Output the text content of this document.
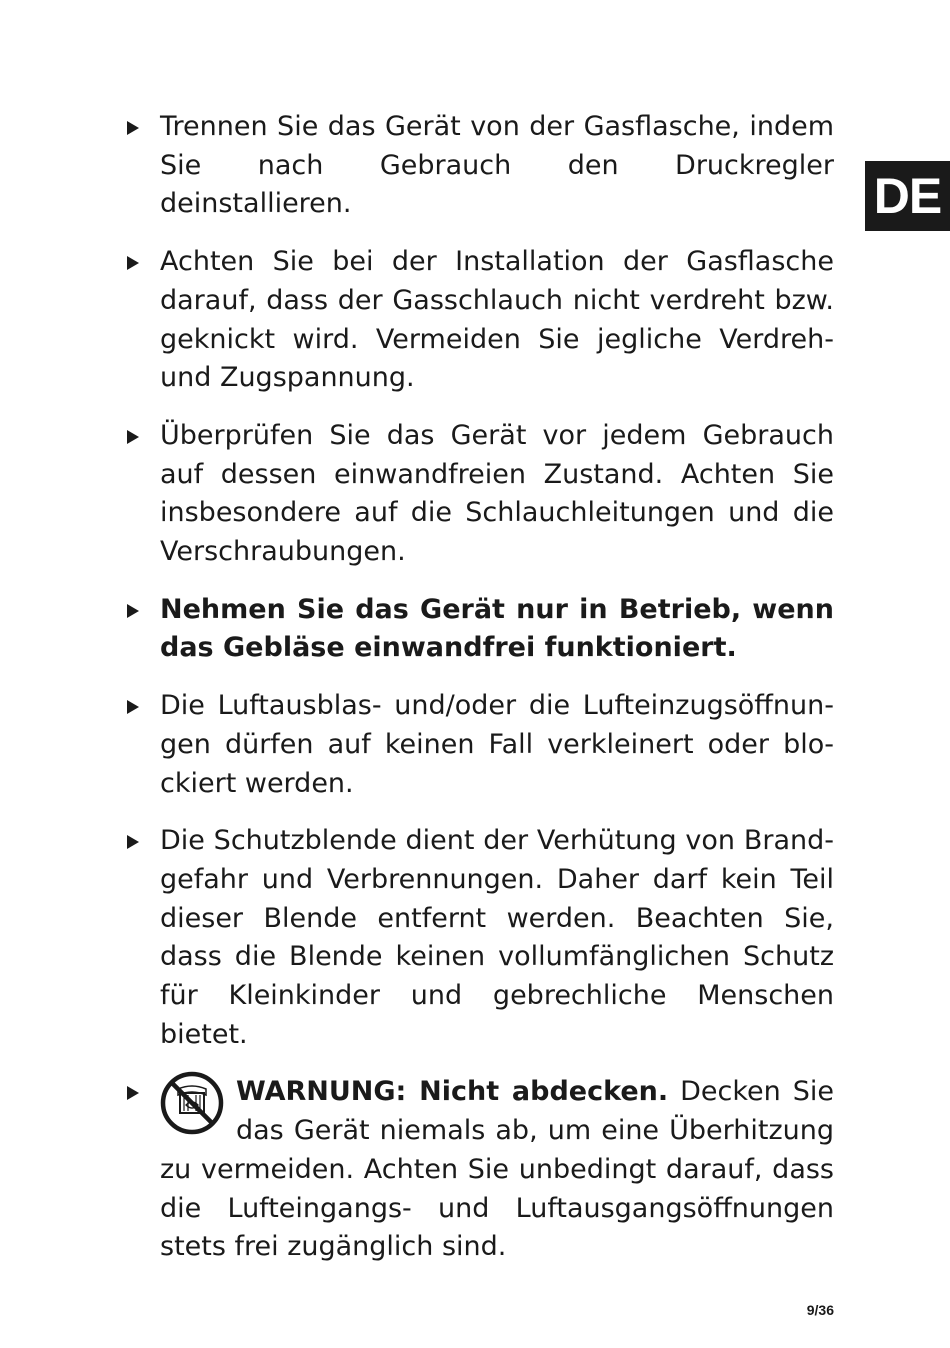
DE
Trennen Sie das Gerät von der Gasflasche, indem Sie nach Gebrauch den Druckregler deinstallieren.
Achten Sie bei der Installation der Gasflasche darauf, dass der Gasschlauch nicht verdreht bzw. geknickt wird. Vermeiden Sie jegliche Verdreh- und Zugspannung.
Überprüfen Sie das Gerät vor jedem Gebrauch auf dessen einwandfreien Zustand. Achten Sie insbesondere auf die Schlauchleitungen und die Verschraubungen.
Nehmen Sie das Gerät nur in Betrieb, wenn das Gebläse einwandfrei funktioniert.
Die Luftausblas- und/oder die Lufteinzugsöffnungen dürfen auf keinen Fall verkleinert oder blockiert werden.
Die Schutzblende dient der Verhütung von Brandgefahr und Verbrennungen. Daher darf kein Teil dieser Blende entfernt werden. Beachten Sie, dass die Blende keinen vollumfänglichen Schutz für Kleinkinder und gebrechliche Menschen bietet.
WARNUNG: Nicht abdecken. Decken Sie das Gerät niemals ab, um eine Überhitzung zu vermeiden. Achten Sie unbedingt darauf, dass die Lufteingangs- und Luftausgangsöffnungen stets frei zugänglich sind.
9/36
